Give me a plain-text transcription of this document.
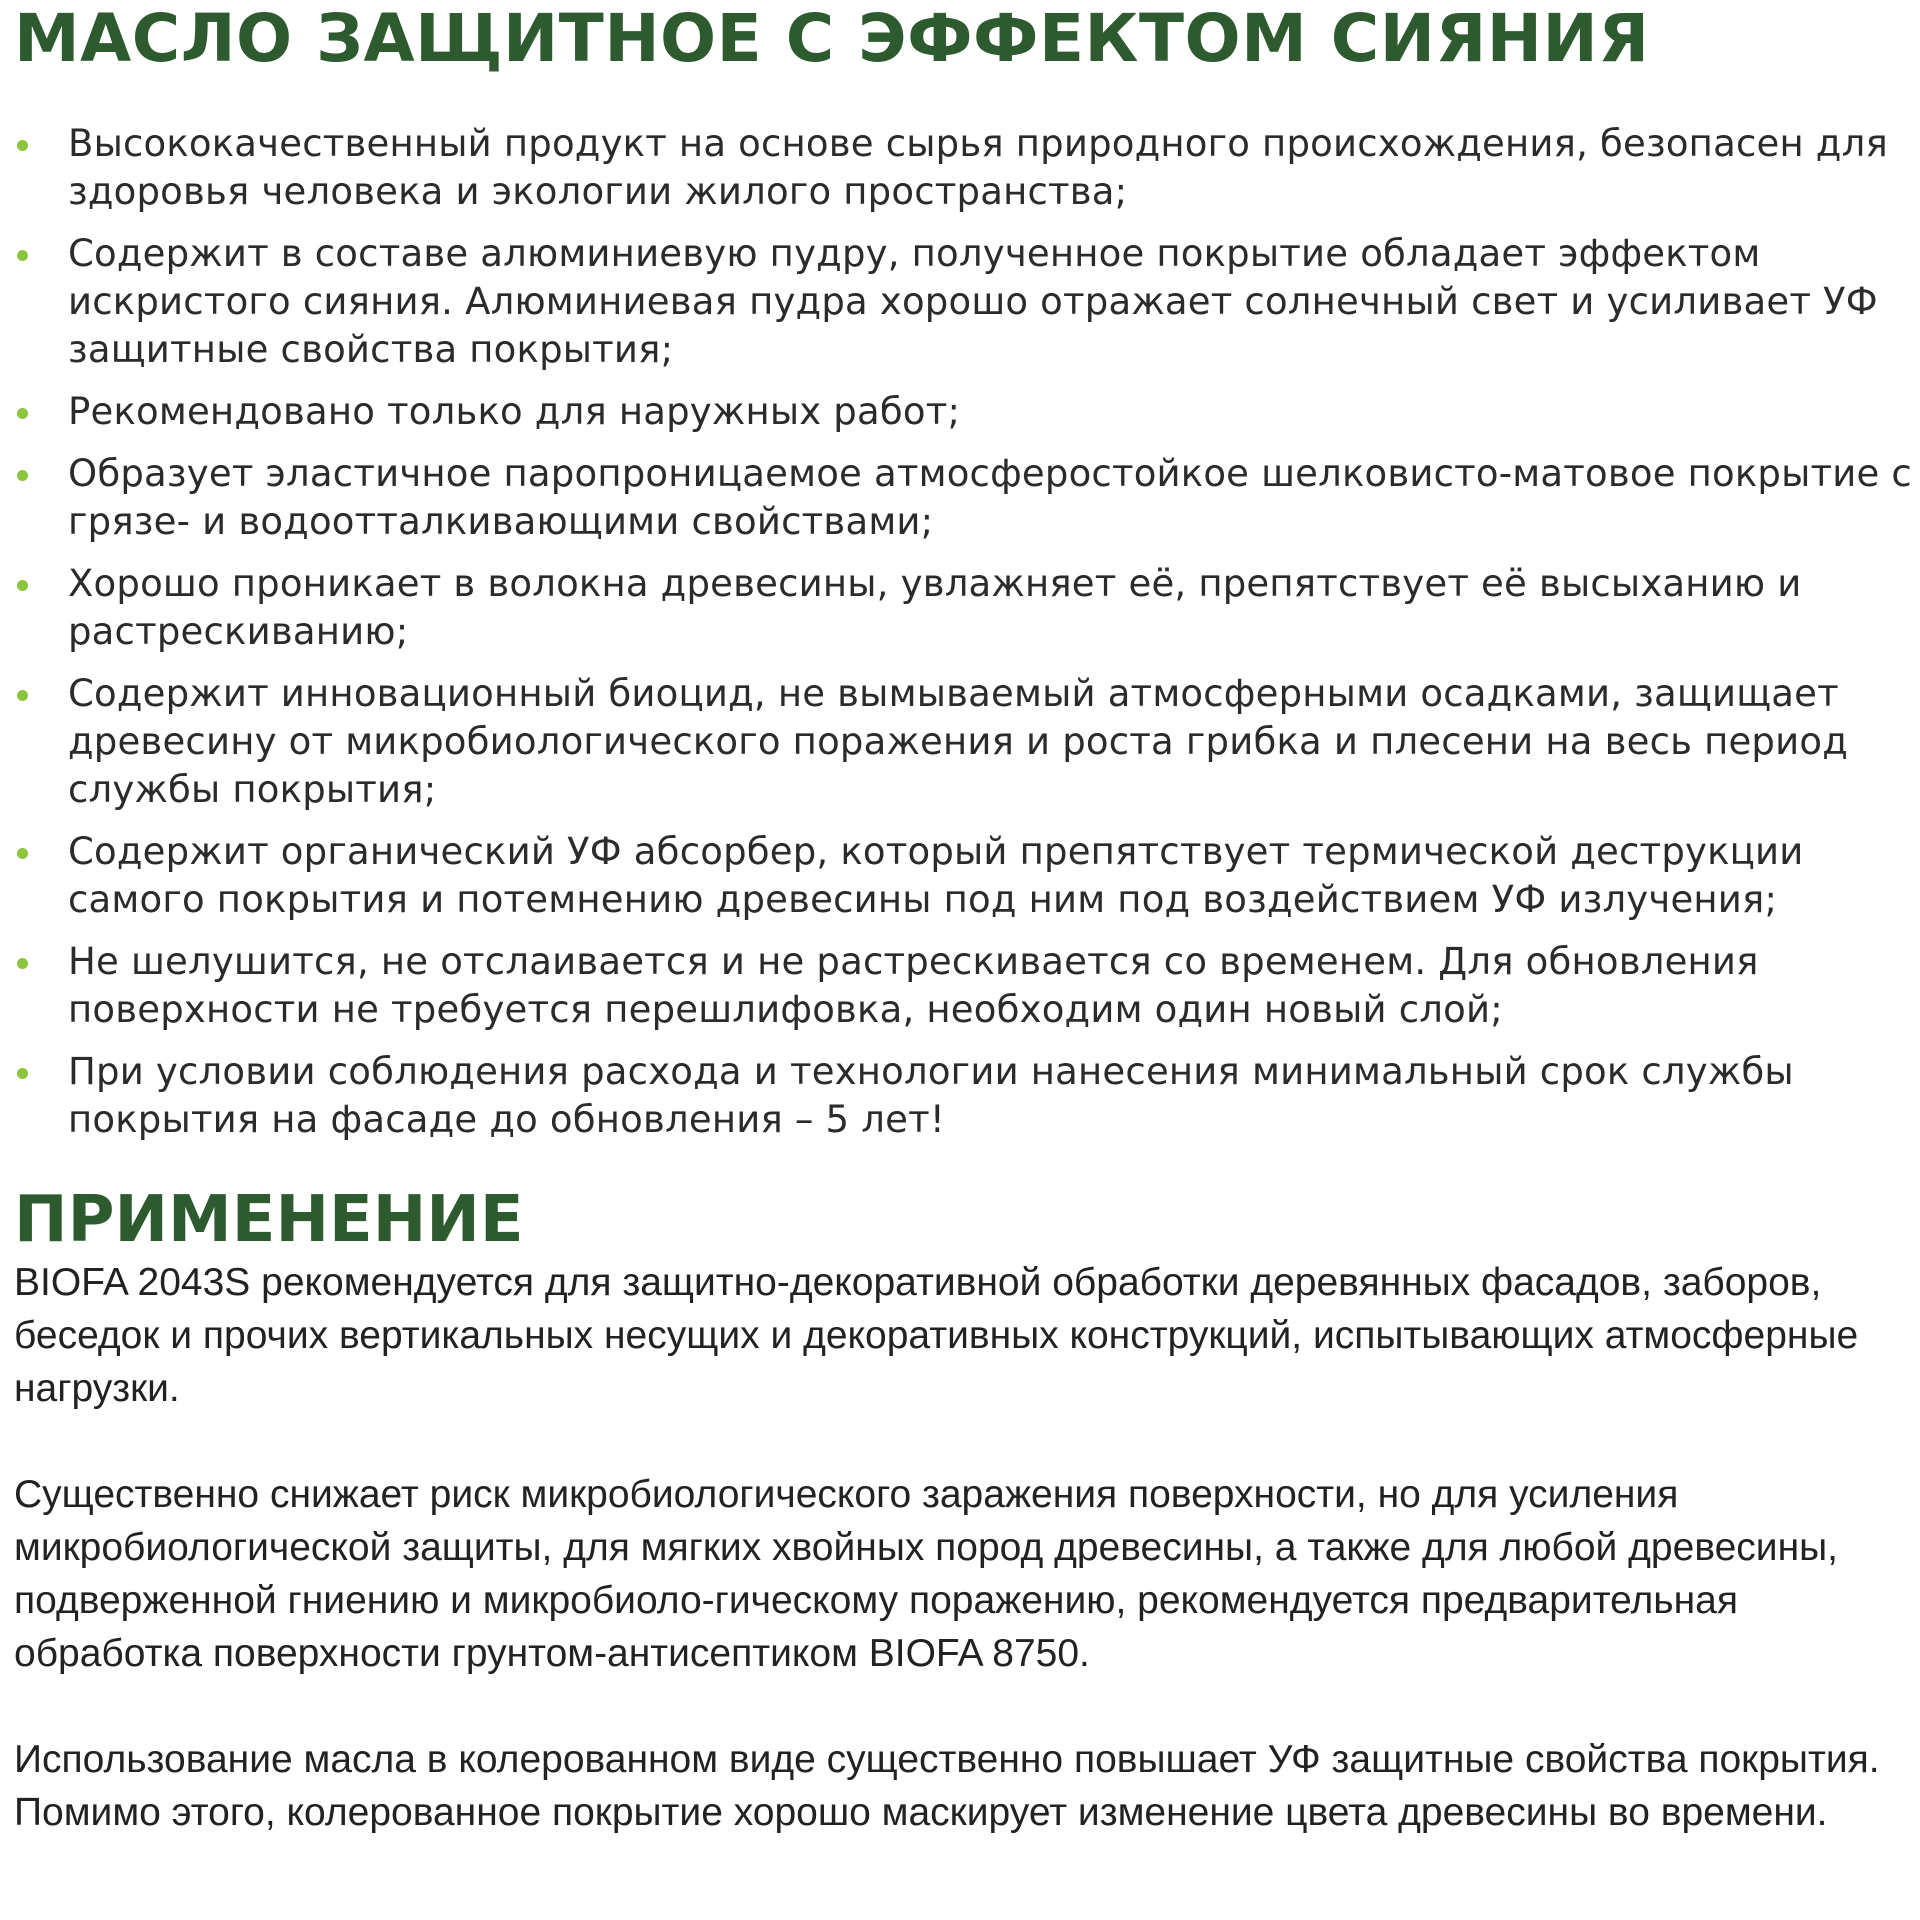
МАСЛО ЗАЩИТНОЕ С ЭФФЕКТОМ СИЯНИЯ
Высококачественный продукт на основе сырья природного происхождения, безопасен для здоровья человека и экологии жилого пространства;
Содержит в составе алюминиевую пудру, полученное покрытие обладает эффектом искристого сияния. Алюминиевая пудра хорошо отражает солнечный свет и усиливает УФ защитные свойства покрытия;
Рекомендовано только для наружных работ;
Образует эластичное паропроницаемое атмосферостойкое шелковисто-матовое покрытие с грязе- и водоотталкивающими свойствами;
Хорошо проникает в волокна древесины, увлажняет её, препятствует её высыханию и растрескиванию;
Содержит инновационный биоцид, не вымываемый атмосферными осадками, защищает древесину от микробиологического поражения и роста грибка и плесени на весь период службы покрытия;
Содержит органический УФ абсорбер, который препятствует термической деструкции самого покрытия и потемнению древесины под ним под воздействием УФ излучения;
Не шелушится, не отслаивается и не растрескивается со временем. Для обновления поверхности не требуется перешлифовка, необходим один новый слой;
При условии соблюдения расхода и технологии нанесения минимальный срок службы покрытия на фасаде до обновления – 5 лет!
ПРИМЕНЕНИЕ

BIOFA 2043S рекомендуется для защитно-декоративной обработки деревянных фасадов, заборов, беседок и прочих вертикальных несущих и декоративных конструкций, испытывающих атмосферные нагрузки.

Существенно снижает риск микробиологического заражения поверхности, но для усиления микробиологической защиты, для мягких хвойных пород древесины, а также для любой древесины, подверженной гниению и микробиоло-гическому поражению, рекомендуется предварительная обработка поверхности грунтом-антисептиком BIOFA 8750.

Использование масла в колерованном виде существенно повышает УФ защитные свойства покрытия. Помимо этого, колерованное покрытие хорошо маскирует изменение цвета древесины во времени.
